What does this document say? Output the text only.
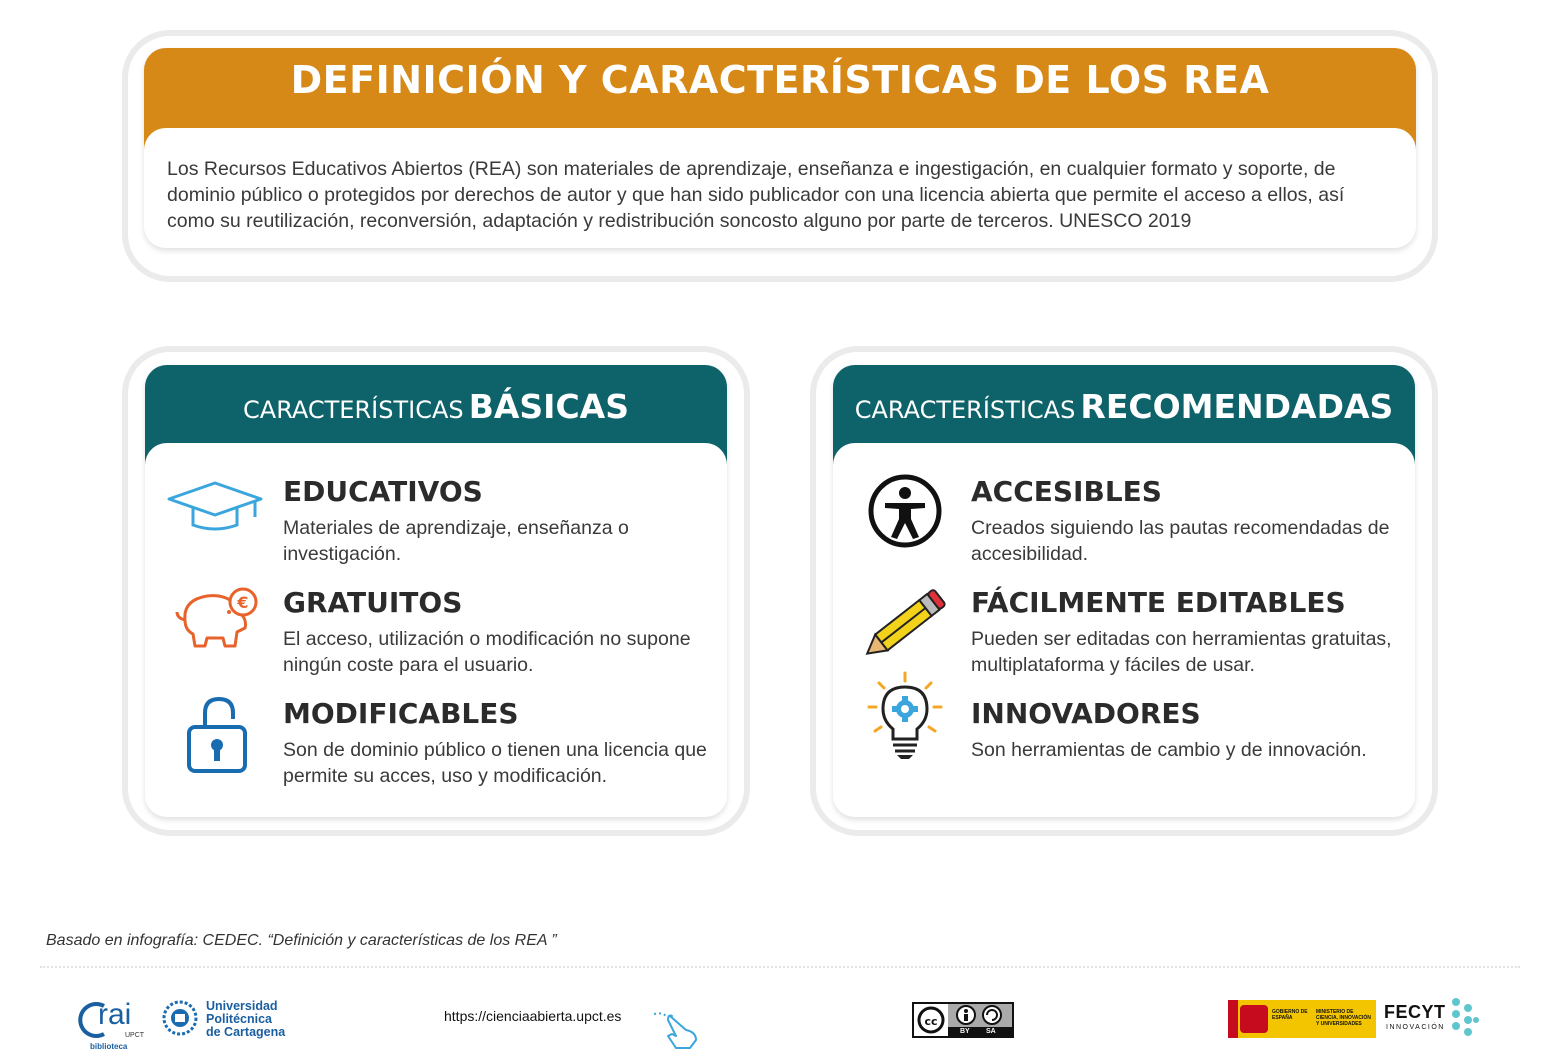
DEFINICIÓN Y CARACTERÍSTICAS DE LOS REA
Los Recursos Educativos Abiertos (REA) son materiales de aprendizaje, enseñanza e ingestigación, en cualquier formato y soporte, de dominio público o protegidos por derechos de autor y que han sido publicador con una licencia abierta que permite el acceso a ellos, así como su reutilización, reconversión, adaptación y redistribución soncosto alguno por parte de terceros. UNESCO 2019
CARACTERÍSTICAS BÁSICAS
EDUCATIVOS
Materiales de aprendizaje, enseñanza o investigación.
€ GRATUITOS
El acceso, utilización o modificación no supone ningún coste para el usuario.
MODIFICABLES
Son de dominio público o tienen una licencia que permite su acces, uso y modificación.
CARACTERÍSTICAS RECOMENDADAS
ACCESIBLES
Creados siguiendo las pautas recomendadas de accesibilidad.
FÁCILMENTE EDITABLES
Pueden ser editadas con herramientas gratuitas, multiplataforma y fáciles de usar.
INNOVADORES
Son herramientas de cambio y de innovación.
Basado en infografía: CEDEC. “Definición y características de los REA ”
rai
UPCT
biblioteca
Universidad
Politécnica
de Cartagena
https://cienciaabierta.upct.es	cc
BY SA
GOBIERNO DE ESPAÑA
MINISTERIO DE CIENCIA, INNOVACIÓN Y UNIVERSIDADES
FECYT
INNOVACIÓN
